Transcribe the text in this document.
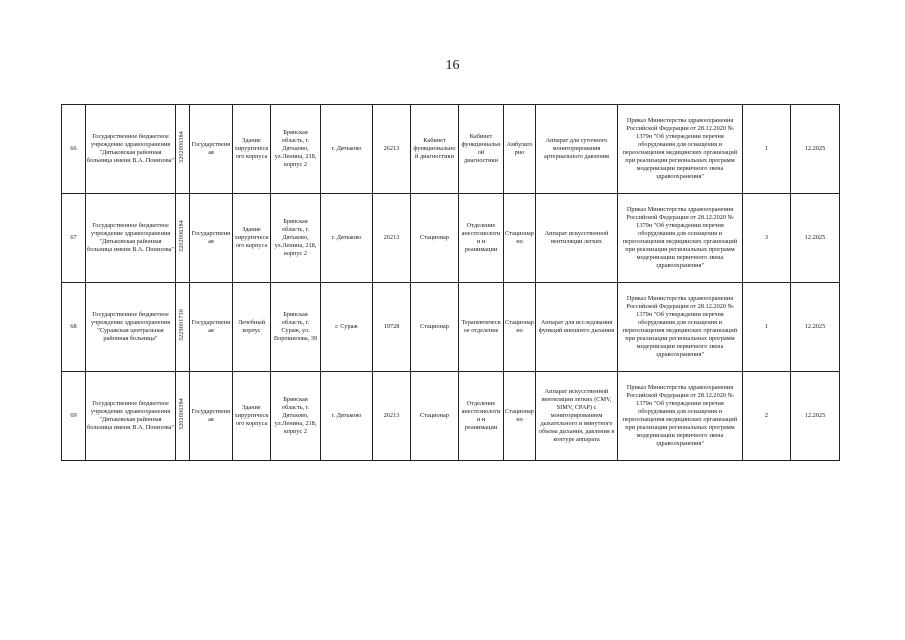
16
66	Государственное бюджетное учреждение здравоохранения "Дятьковская районная больница имени В.А. Понизова"	3202006384	Государственная	Здание хирургического корпуса	Брянская область, г. Дятьково, ул.Ленина, 218, корпус 2	г. Дятьково	26213	Кабинет функциональной диагностики	Кабинет функциональной диагностики	Амбулаторно	Аппарат для суточного мониторирования артериального давления	Приказ Министерства здравоохранения Российской Федерации от 28.12.2020 № 1379н "Об утверждении перечня оборудования для оснащения и переоснащения медицинских организаций при реализации региональных программ модернизации первичного звена здравоохранения"	1	12.2025
67	Государственное бюджетное учреждение здравоохранения "Дятьковская районная больница имени В.А. Понизова"	3202006384	Государственная	Здание хирургического корпуса	Брянская область, г. Дятьково, ул.Ленина, 218, корпус 2	г. Дятьково	26213	Стационар	Отделение анестезиологии и реанимации	Стационарно	Аппарат искусственной вентиляции легких	Приказ Министерства здравоохранения Российской Федерации от 28.12.2020 № 1379н "Об утверждении перечня оборудования для оснащения и переоснащения медицинских организаций при реализации региональных программ модернизации первичного звена здравоохранения"	3	12.2025
68	Государственное бюджетное учреждение здравоохранения "Суражская центральная районная больница"	3229001730	Государственная	Лечебный корпус	Брянская область, г. Сураж, ул. Ворошилова, 39	г. Сураж	19728	Стационар	Терапевтическое отделение	Стационарно	Аппарат для исследования функций внешнего дыхания	Приказ Министерства здравоохранения Российской Федерации от 28.12.2020 № 1379н "Об утверждении перечня оборудования для оснащения и переоснащения медицинских организаций при реализации региональных программ модернизации первичного звена здравоохранения"	1	12.2025
69	Государственное бюджетное учреждение здравоохранения "Дятьковская районная больница имени В.А. Понизова"	3202006384	Государственная	Здание хирургического корпуса	Брянская область, г. Дятьково, ул.Ленина, 218, корпус 2	г. Дятьково	26213	Стационар	Отделение анестезиологии и реанимации	Стационарно	Аппарат искусственной вентиляции легких (CMV, SIMV, CPAP) с мониторированием дыхательного и минутного объема дыхания, давления в контуре аппарата	Приказ Министерства здравоохранения Российской Федерации от 28.12.2020 № 1379н "Об утверждении перечня оборудования для оснащения и переоснащения медицинских организаций при реализации региональных программ модернизации первичного звена здравоохранения"	2	12.2025
